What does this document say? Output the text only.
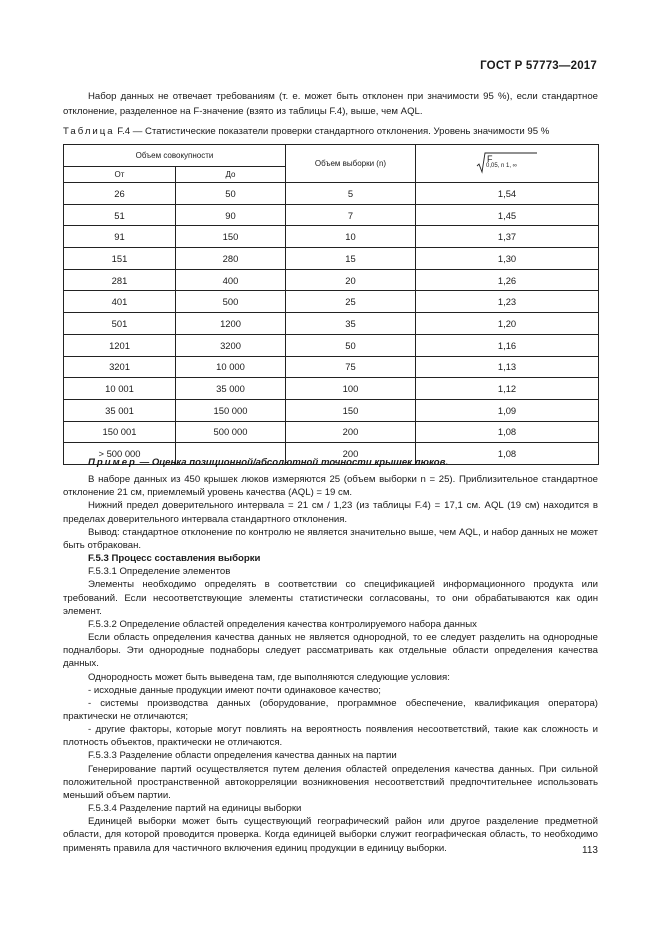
ГОСТ Р 57773—2017

Набор данных не отвечает требованиям (т. е. может быть отклонен при значимости 95 %), если стандартное отклонение, разделенное на F-значение (взято из таблицы F.4), выше, чем AQL.

Таблица F.4 — Статистические показатели проверки стандартного отклонения. Уровень значимости 95 %

Объем совокупности		Объем выборки (n)	F
0,05, n 1, ∞

От	До		
26	50	5	1,54
51	90	7	1,45
91	150	10	1,37
151	280	15	1,30
281	400	20	1,26
401	500	25	1,23
501	1200	35	1,20
1201	3200	50	1,16
3201	10 000	75	1,13
10 001	35 000	100	1,12
35 001	150 000	150	1,09
150 001	500 000	200	1,08
> 500 000		200	1,08

Пример — Оценка позиционной/абсолютной точности крышек люков.

В наборе данных из 450 крышек люков измеряются 25 (объем выборки n = 25). Приблизительное стандартное отклонение 21 см, приемлемый уровень качества (AQL) = 19 см.

Нижний предел доверительного интервала = 21 см / 1,23 (из таблицы F.4) = 17,1 см. AQL (19 см) находится в пределах доверительного интервала стандартного отклонения.

Вывод: стандартное отклонение по контролю не является значительно выше, чем AQL, и набор данных не может быть отбракован.

F.5.3 Процесс составления выборки

F.5.3.1 Определение элементов

Элементы необходимо определять в соответствии со спецификацией информационного продукта или требований. Если несоответствующие элементы статистически согласованы, то они обрабатываются как один элемент.

F.5.3.2 Определение областей определения качества контролируемого набора данных

Если область определения качества данных не является однородной, то ее следует разделить на однородные подналборы. Эти однородные поднаборы следует рассматривать как отдельные области определения качества данных.

Однородность может быть выведена там, где выполняются следующие условия:

- исходные данные продукции имеют почти одинаковое качество;

- системы производства данных (оборудование, программное обеспечение, квалификация оператора) практически не отличаются;

- другие факторы, которые могут повлиять на вероятность появления несоответствий, такие как сложность и плотность объектов, практически не отличаются.

F.5.3.3 Разделение области определения качества данных на партии

Генерирование партий осуществляется путем деления областей определения качества данных. При сильной положительной пространственной автокорреляции возникновения несоответствий предпочтительнее использовать меньший объем партии.

F.5.3.4 Разделение партий на единицы выборки

Единицей выборки может быть существующий географический район или другое разделение предметной области, для которой проводится проверка. Когда единицей выборки служит географическая область, то необходимо применять правила для частичного включения единиц продукции в единицу выборки.	113
